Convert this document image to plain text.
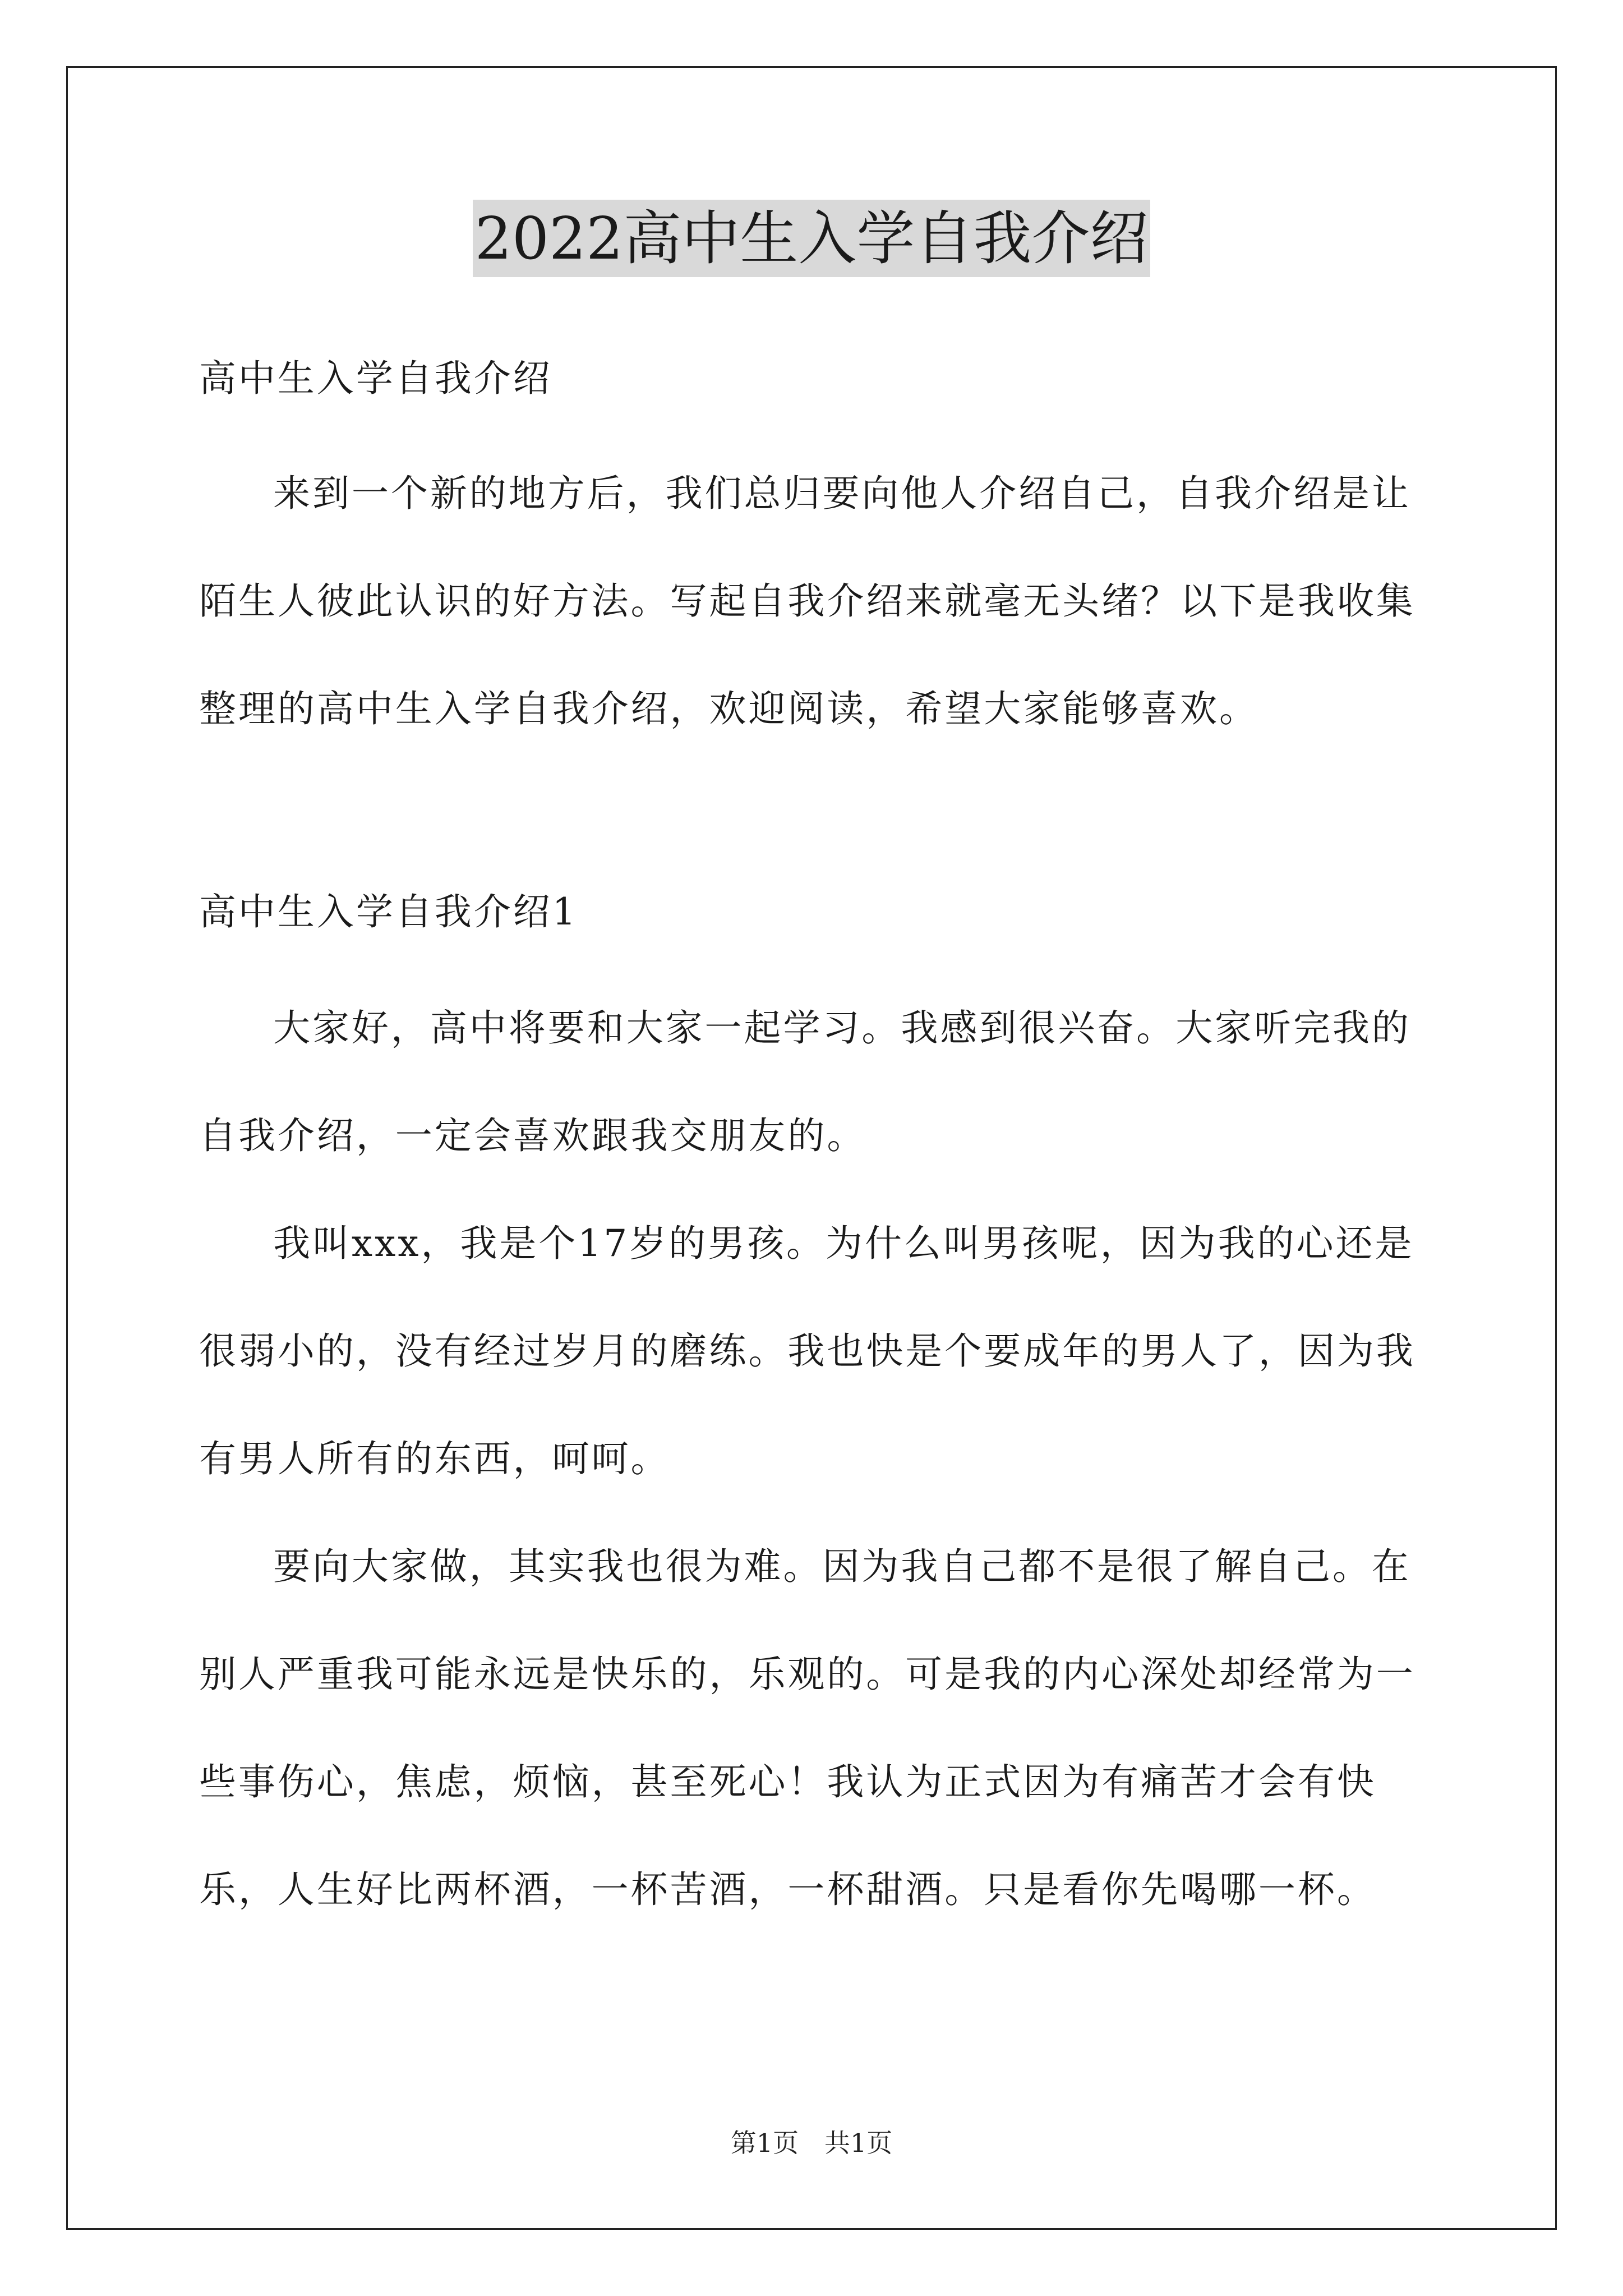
2022高中生入学自我介绍
高中生入学自我介绍

来到一个新的地方后，我们总归要向他人介绍自己，自我介绍是让陌生人彼此认识的好方法。写起自我介绍来就毫无头绪？以下是我收集整理的高中生入学自我介绍，欢迎阅读，希望大家能够喜欢。

高中生入学自我介绍1

大家好，高中将要和大家一起学习。我感到很兴奋。大家听完我的自我介绍，一定会喜欢跟我交朋友的。

我叫xxx，我是个17岁的男孩。为什么叫男孩呢，因为我的心还是很弱小的，没有经过岁月的磨练。我也快是个要成年的男人了，因为我有男人所有的东西，呵呵。

要向大家做，其实我也很为难。因为我自己都不是很了解自己。在别人严重我可能永远是快乐的，乐观的。可是我的内心深处却经常为一些事伤心，焦虑，烦恼，甚至死心！我认为正式因为有痛苦才会有快乐，人生好比两杯酒，一杯苦酒，一杯甜酒。只是看你先喝哪一杯。

第1页 共1页
